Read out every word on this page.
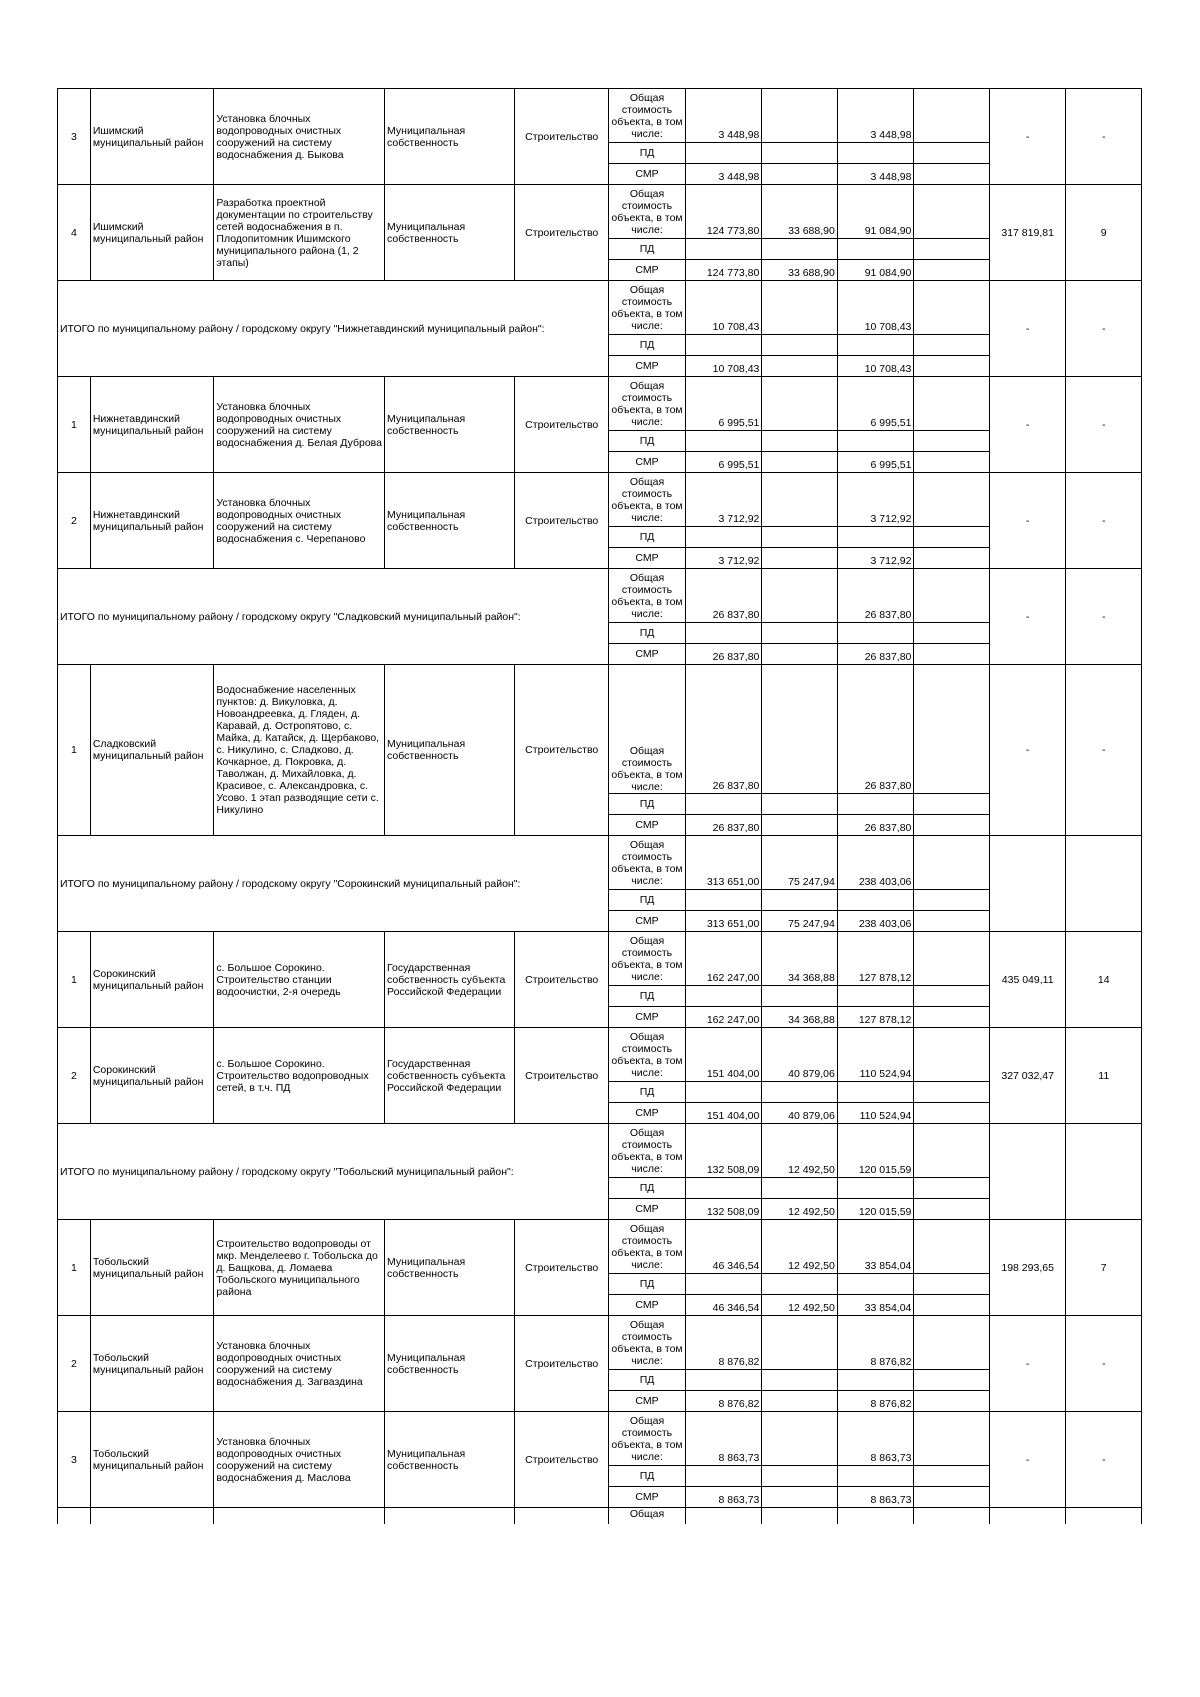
3	Ишимский муниципальный район	Установка блочных водопроводных очистных сооружений на систему водоснабжения д. Быкова	Муниципальная собственность	Строительство	Общая стоимость объекта, в том числе:	3 448,98		3 448,98		-	-
					ПД						
					СМР	3 448,98		3 448,98			
4	Ишимский муниципальный район	Разработка проектной документации по строительству сетей водоснабжения в п. Плодопитомник Ишимского муниципального района (1, 2 этапы)	Муниципальная собственность	Строительство	Общая стоимость объекта, в том числе:	124 773,80	33 688,90	91 084,90		317 819,81	9
					ПД						
					СМР	124 773,80	33 688,90	91 084,90			
ИТОГО по муниципальному району / городскому округу "Нижнетавдинский муниципальный район":					Общая стоимость объекта, в том числе:	10 708,43		10 708,43		-	-
					ПД						
					СМР	10 708,43		10 708,43			
1	Нижнетавдинский муниципальный район	Установка блочных водопроводных очистных сооружений на систему водоснабжения д. Белая Дуброва	Муниципальная собственность	Строительство	Общая стоимость объекта, в том числе:	6 995,51		6 995,51		-	-
					ПД						
					СМР	6 995,51		6 995,51			
2	Нижнетавдинский муниципальный район	Установка блочных водопроводных очистных сооружений на систему водоснабжения с. Черепаново	Муниципальная собственность	Строительство	Общая стоимость объекта, в том числе:	3 712,92		3 712,92		-	-
					ПД						
					СМР	3 712,92		3 712,92			
ИТОГО по муниципальному району / городскому округу "Сладковский муниципальный район":					Общая стоимость объекта, в том числе:	26 837,80		26 837,80		-	-
					ПД						
					СМР	26 837,80		26 837,80			
1	Сладковский муниципальный район	Водоснабжение населенных пунктов: д. Викуловка, д. Новоандреевка, д. Гляден, д. Каравай, д. Остропятово, с. Майка, д. Катайск, д. Щербаково, с. Никулино, с. Сладково, д. Кочкарное, д. Покровка, д. Таволжан, д. Михайловка, д. Красивое, с. Александровка, с. Усово. 1 этап разводящие сети с. Никулино	Муниципальная собственность	Строительство	Общая стоимость объекта, в том числе:	26 837,80		26 837,80		-	-
					ПД						
					СМР	26 837,80		26 837,80			
ИТОГО по муниципальному району / городскому округу "Сорокинский муниципальный район":					Общая стоимость объекта, в том числе:	313 651,00	75 247,94	238 403,06			
					ПД						
					СМР	313 651,00	75 247,94	238 403,06			
1	Сорокинский муниципальный район	с. Большое Сорокино. Строительство станции водоочистки, 2-я очередь	Государственная собственность субъекта Российской Федерации	Строительство	Общая стоимость объекта, в том числе:	162 247,00	34 368,88	127 878,12		435 049,11	14
					ПД						
					СМР	162 247,00	34 368,88	127 878,12			
2	Сорокинский муниципальный район	с. Большое Сорокино. Строительство водопроводных сетей, в т.ч. ПД	Государственная собственность субъекта Российской Федерации	Строительство	Общая стоимость объекта, в том числе:	151 404,00	40 879,06	110 524,94		327 032,47	11
					ПД						
					СМР	151 404,00	40 879,06	110 524,94			
ИТОГО по муниципальному району / городскому округу "Тобольский муниципальный район":					Общая стоимость объекта, в том числе:	132 508,09	12 492,50	120 015,59			
					ПД						
					СМР	132 508,09	12 492,50	120 015,59			
1	Тобольский муниципальный район	Строительство водопроводы от мкр. Менделеево г. Тобольска до д. Бащкова, д. Ломаева Тобольского муниципального района	Муниципальная собственность	Строительство	Общая стоимость объекта, в том числе:	46 346,54	12 492,50	33 854,04		198 293,65	7
					ПД						
					СМР	46 346,54	12 492,50	33 854,04			
2	Тобольский муниципальный район	Установка блочных водопроводных очистных сооружений на систему водоснабжения д. Загваздина	Муниципальная собственность	Строительство	Общая стоимость объекта, в том числе:	8 876,82		8 876,82		-	-
					ПД						
					СМР	8 876,82		8 876,82			
3	Тобольский муниципальный район	Установка блочных водопроводных очистных сооружений на систему водоснабжения д. Маслова	Муниципальная собственность	Строительство	Общая стоимость объекта, в том числе:	8 863,73		8 863,73		-	-
					ПД						
					СМР	8 863,73		8 863,73			
					Общая						
